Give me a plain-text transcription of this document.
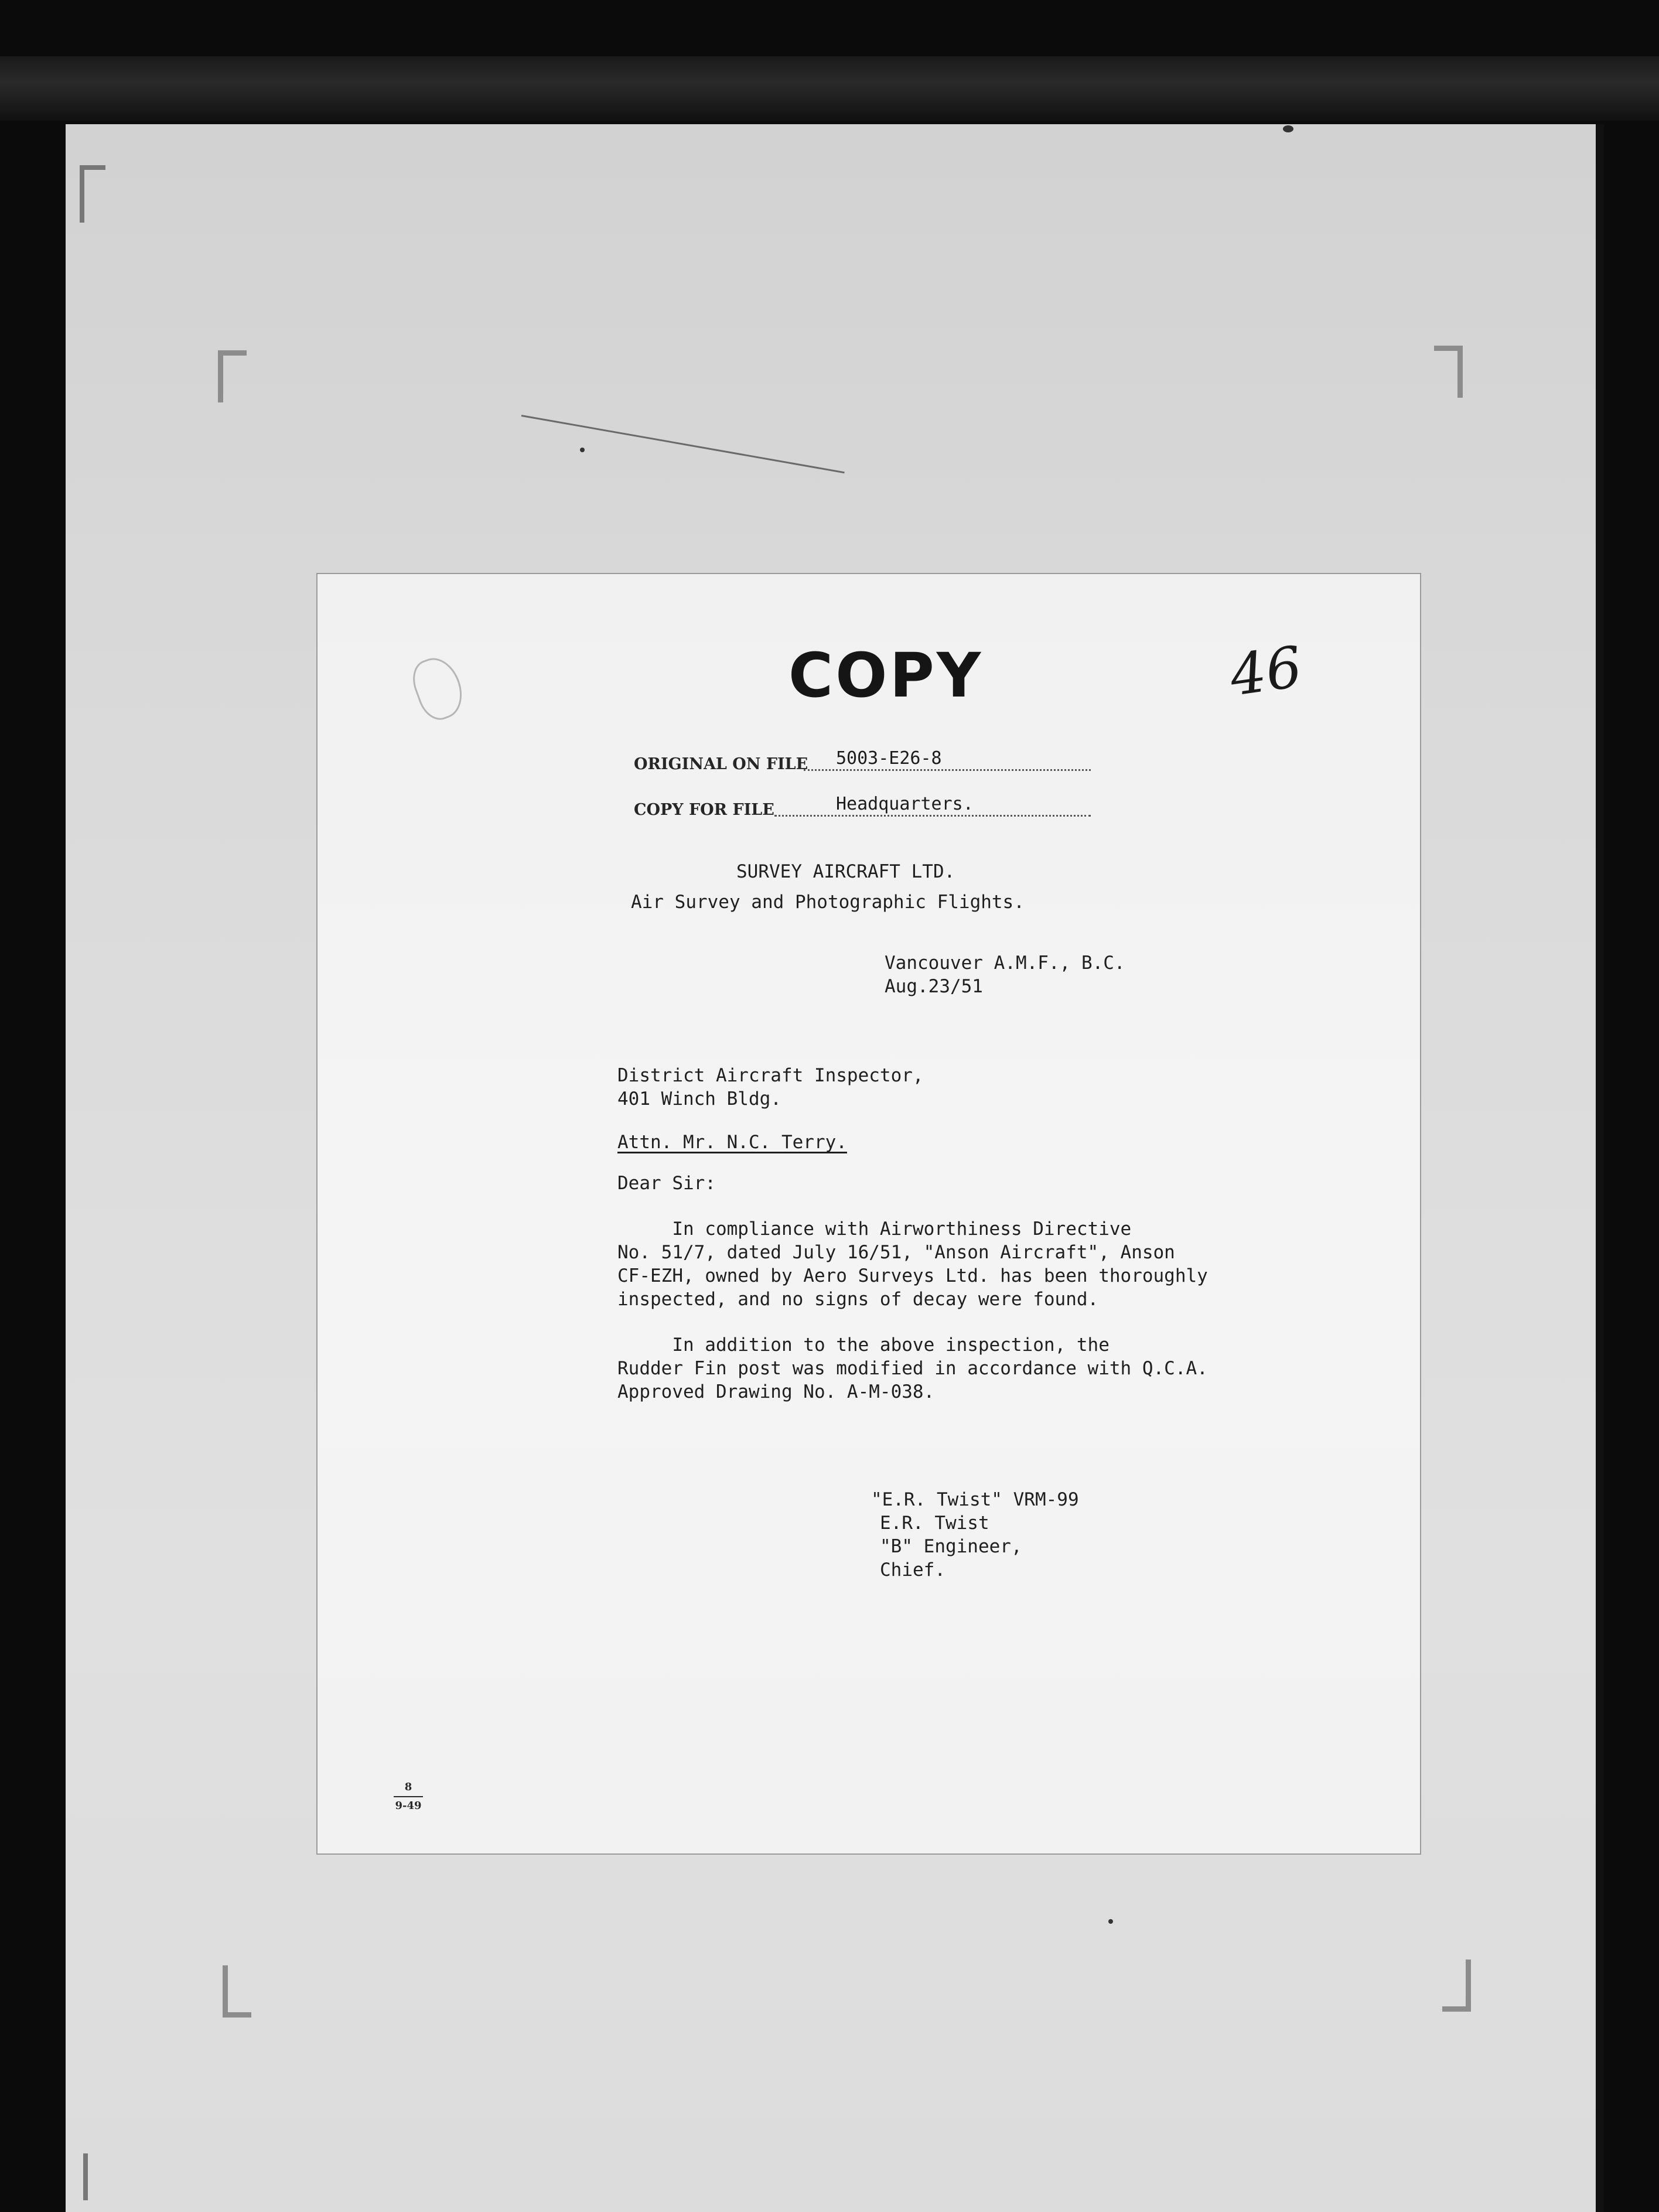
COPY	46
ORIGINAL ON FILE 5003-E26-8
COPY FOR FILE	Headquarters.
SURVEY AIRCRAFT LTD.
Air Survey and Photographic Flights.
Vancouver A.M.F., B.C.
Aug.23/51
District Aircraft Inspector,
401 Winch Bldg.
Attn. Mr. N.C. Terry.
Dear Sir:
In compliance with Airworthiness Directive
No. 51/7, dated July 16/51, "Anson Aircraft", Anson
CF-EZH, owned by Aero Surveys Ltd. has been thoroughly
inspected, and no signs of decay were found.
In addition to the above inspection, the
Rudder Fin post was modified in accordance with Q.C.A.
Approved Drawing No. A-M-038.
"E.R. Twist" VRM-99
E.R. Twist
"B" Engineer,
Chief.
8
9-49
